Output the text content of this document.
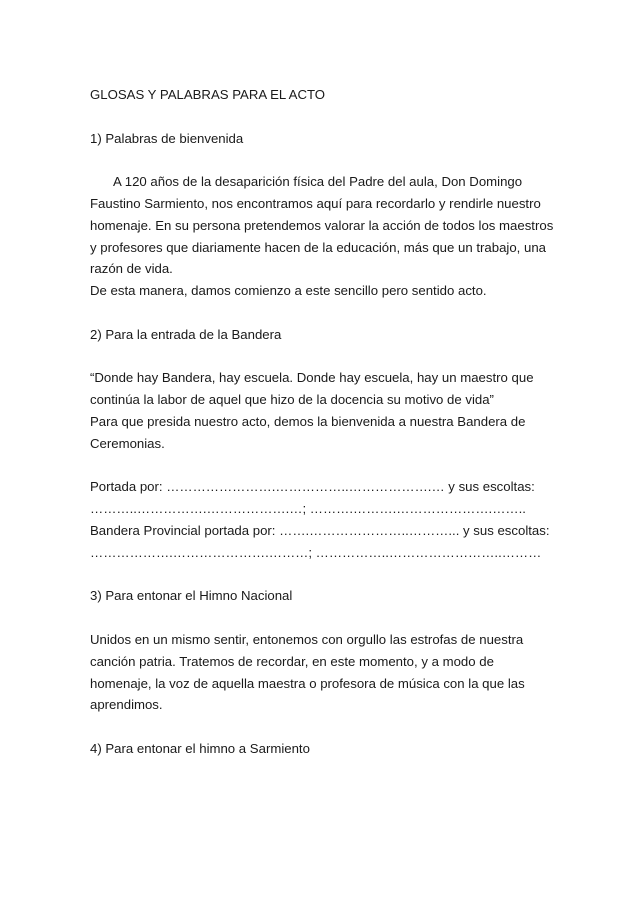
GLOSAS Y PALABRAS PARA EL ACTO

1) Palabras de bienvenida

A 120 años de la desaparición física del Padre del aula, Don Domingo

Faustino Sarmiento, nos encontramos aquí para recordarlo y rendirle nuestro

homenaje. En su persona pretendemos valorar la acción de todos los maestros

y profesores que diariamente hacen de la educación, más que un trabajo, una

razón de vida.

De esta manera, damos comienzo a este sencillo pero sentido acto.

2) Para la entrada de la Bandera

“Donde hay Bandera, hay escuela. Donde hay escuela, hay un maestro que

continúa la labor de aquel que hizo de la docencia su motivo de vida”

Para que presida nuestro acto, demos la bienvenida a nuestra Bandera de

Ceremonias.

Portada por: …………………….……………..……………….… y sus escoltas:

………..…………….……………….…; ……….……….………………….……..

Bandera Provincial portada por: …….…………………..………... y sus escoltas:

……………….………………….………; ……………..……………………..………

3) Para entonar el Himno Nacional

Unidos en un mismo sentir, entonemos con orgullo las estrofas de nuestra

canción patria. Tratemos de recordar, en este momento, y a modo de

homenaje, la voz de aquella maestra o profesora de música con la que las

aprendimos.

4) Para entonar el himno a Sarmiento
